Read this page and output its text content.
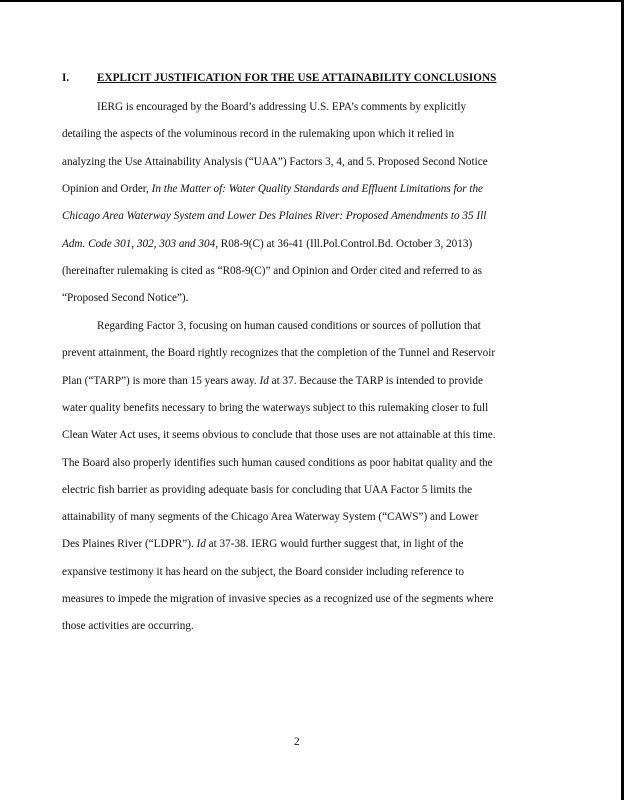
I. EXPLICIT JUSTIFICATION FOR THE USE ATTAINABILITY CONCLUSIONS
IERG is encouraged by the Board’s addressing U.S. EPA’s comments by explicitly
detailing the aspects of the voluminous record in the rulemaking upon which it relied in
analyzing the Use Attainability Analysis (“UAA”) Factors 3, 4, and 5. Proposed Second Notice
Opinion and Order, In the Matter of: Water Quality Standards and Effluent Limitations for the
Chicago Area Waterway System and Lower Des Plaines River: Proposed Amendments to 35 Ill
Adm. Code 301, 302, 303 and 304, R08-9(C) at 36-41 (Ill.Pol.Control.Bd. October 3, 2013)
(hereinafter rulemaking is cited as “R08-9(C)” and Opinion and Order cited and referred to as
“Proposed Second Notice”).
Regarding Factor 3, focusing on human caused conditions or sources of pollution that
prevent attainment, the Board rightly recognizes that the completion of the Tunnel and Reservoir
Plan (“TARP”) is more than 15 years away. Id at 37. Because the TARP is intended to provide
water quality benefits necessary to bring the waterways subject to this rulemaking closer to full
Clean Water Act uses, it seems obvious to conclude that those uses are not attainable at this time.
The Board also properly identifies such human caused conditions as poor habitat quality and the
electric fish barrier as providing adequate basis for concluding that UAA Factor 5 limits the
attainability of many segments of the Chicago Area Waterway System (“CAWS”) and Lower
Des Plaines River (“LDPR”). Id at 37-38. IERG would further suggest that, in light of the
expansive testimony it has heard on the subject, the Board consider including reference to
measures to impede the migration of invasive species as a recognized use of the segments where
those activities are occurring.
2
